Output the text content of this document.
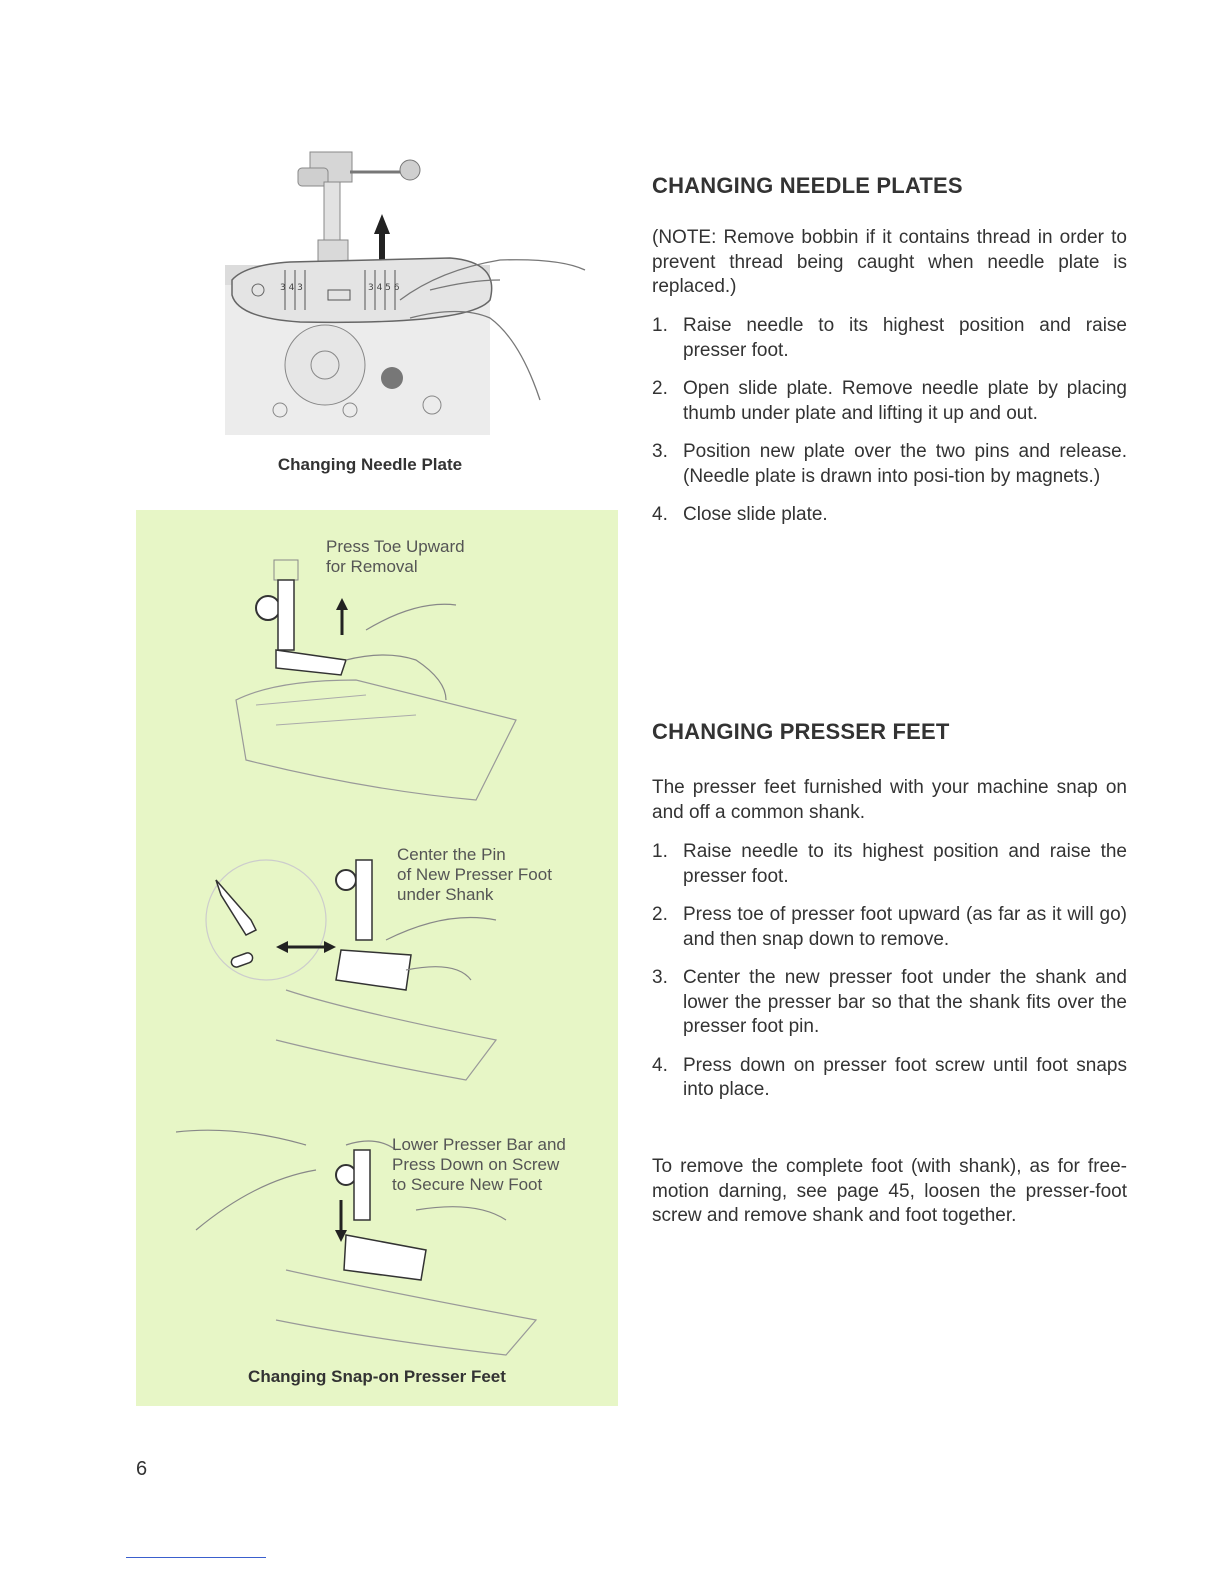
3 4 3	3 4 5 6
Changing Needle Plate
Press Toe Upward
for Removal
Center the Pin
of New Presser Foot
under Shank
Lower Presser Bar and
Press Down on Screw
to Secure New Foot
Changing Snap-on Presser Feet
CHANGING NEEDLE PLATES

(NOTE: Remove bobbin if it contains thread in order to prevent thread being caught when needle plate is replaced.)

1. Raise needle to its highest position and raise presser foot.
2. Open slide plate. Remove needle plate by placing thumb under plate and lifting it up and out.
3. Position new plate over the two pins and release. (Needle plate is drawn into posi-tion by magnets.)
4. Close slide plate.
CHANGING PRESSER FEET

The presser feet furnished with your machine snap on and off a common shank.

1. Raise needle to its highest position and raise the presser foot.
2. Press toe of presser foot upward (as far as it will go) and then snap down to remove.
3. Center the new presser foot under the shank and lower the presser bar so that the shank fits over the presser foot pin.
4. Press down on presser foot screw until foot snaps into place.

To remove the complete foot (with shank), as for free-motion darning, see page 45, loosen the presser-foot screw and remove shank and foot together.

6
